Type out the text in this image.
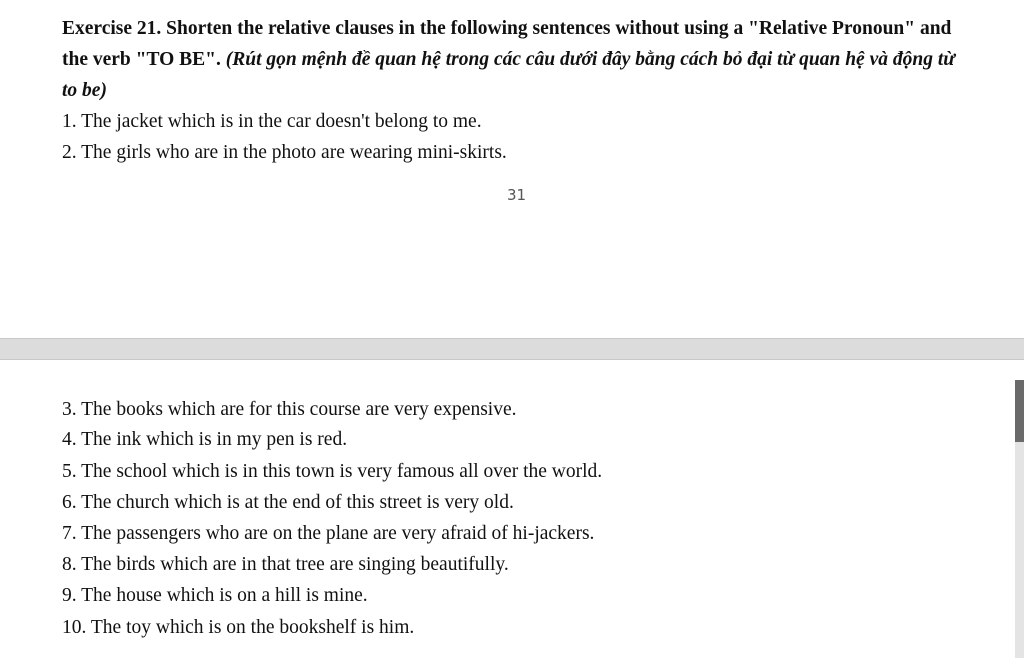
Exercise 21. Shorten the relative clauses in the following sentences without using a "Relative Pronoun" and the verb "TO BE". (Rút gọn mệnh đề quan hệ trong các câu dưới đây bằng cách bỏ đại từ quan hệ và động từ to be)
1. The jacket which is in the car doesn't belong to me.
2. The girls who are in the photo are wearing mini-skirts.
31
3. The books which are for this course are very expensive.
4. The ink which is in my pen is red.
5. The school which is in this town is very famous all over the world.
6. The church which is at the end of this street is very old.
7. The passengers who are on the plane are very afraid of hi-jackers.
8. The birds which are in that tree are singing beautifully.
9. The house which is on a hill is mine.
10. The toy which is on the bookshelf is him.
